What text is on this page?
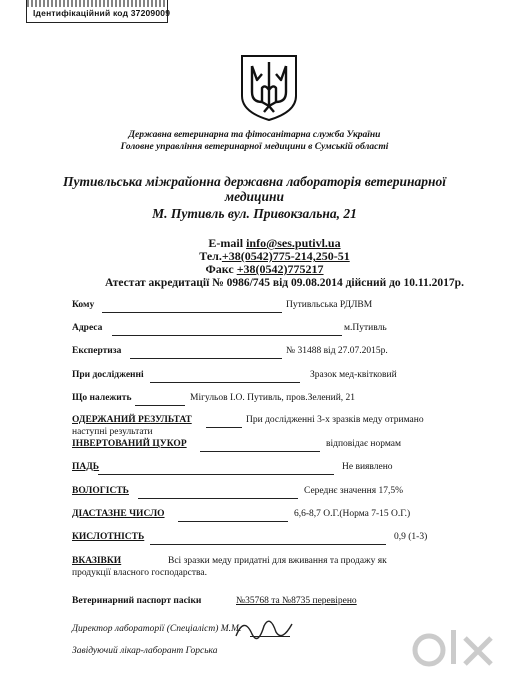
Ідентифікаційний код 37209009
Державна ветеринарна та фітосанітарна служба України
Головне управління ветеринарної медицини в Сумській області
Путивльська міжрайонна державна лабораторія ветеринарної
медицини
М. Путивль вул. Привокзальна, 21
E-mail info@ses.putivl.ua
Тел.+38(0542)775-214,250-51
Факс +38(0542)775217
Атестат акредитації № 0986/745 від 09.08.2014 дійсний до 10.11.2017р.
Кому	Путивльська РДЛВМ
Адреса	м.Путивль
Експертиза	№ 31488 від 27.07.2015р.
При дослідженні	Зразок мед-квітковий
Що належить	Мігульов І.О. Путивль, пров.Зелений, 21
ОДЕРЖАНИЙ РЕЗУЛЬТАТ	При дослідженні 3-х зразків меду отримано
наступні результати
ІНВЕРТОВАНИЙ ЦУКОР	відповідає нормам
ПАДЬ	Не виявлено
ВОЛОГІСТЬ	Середнє значення 17,5%
ДІАСТАЗНЕ ЧИСЛО	6,6-8,7 О.Г.(Норма 7-15 О.Г.)
КИСЛОТНІСТЬ	0,9 (1-3)
ВКАЗІВКИ	Всі зразки меду придатні для вживання та продажу як
продукції власного господарства.
Ветеринарний паспорт пасіки	№35768 та №8735 перевірено
Директор лабораторії (Спеціаліст) М.М.
Завідуючий лікар-лаборант Горська
